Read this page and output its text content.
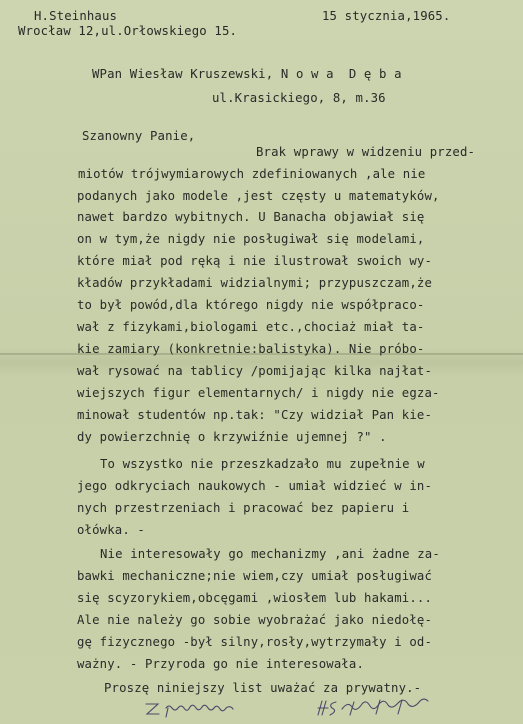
H.Steinhaus	15 stycznia,1965.
Wrocław 12,ul.Orłowskiego 15.
WPan Wiesław Kruszewski, N o w a  D ę b a
ul.Krasickiego, 8, m.36
Szanowny Panie,
Brak wprawy w widzeniu przed-
miotów trójwymiarowych zdefiniowanych ,ale nie
podanych jako modele ,jest częsty u matematyków,
nawet bardzo wybitnych. U Banacha objawiał się
on w tym,że nigdy nie posługiwał się modelami,
które miał pod ręką i nie ilustrował swoich wy-
kładów przykładami widzialnymi; przypuszczam,że
to był powód,dla którego nigdy nie współpraco-
wał z fizykami,biologami etc.,chociaż miał ta-
kie zamiary (konkretnie:balistyka). Nie próbo-
wał rysować na tablicy /pomijając kilka najłat-
wiejszych figur elementarnych/ i nigdy nie egza-
minował studentów np.tak: "Czy widział Pan kie-
dy powierzchnię o krzywiźnie ujemnej ?" .
To wszystko nie przeszkadzało mu zupełnie w
jego odkryciach naukowych - umiał widzieć w in-
nych przestrzeniach i pracować bez papieru i
ołówka. -
Nie interesowały go mechanizmy ,ani żadne za-
bawki mechaniczne;nie wiem,czy umiał posługiwać
się scyzorykiem,obcęgami ,wiosłem lub hakami...
Ale nie należy go sobie wyobrażać jako niedołę-
gę fizycznego -był silny,rosły,wytrzymały i od-
ważny. - Przyroda go nie interesowała.
Proszę niniejszy list uważać za prywatny.-
